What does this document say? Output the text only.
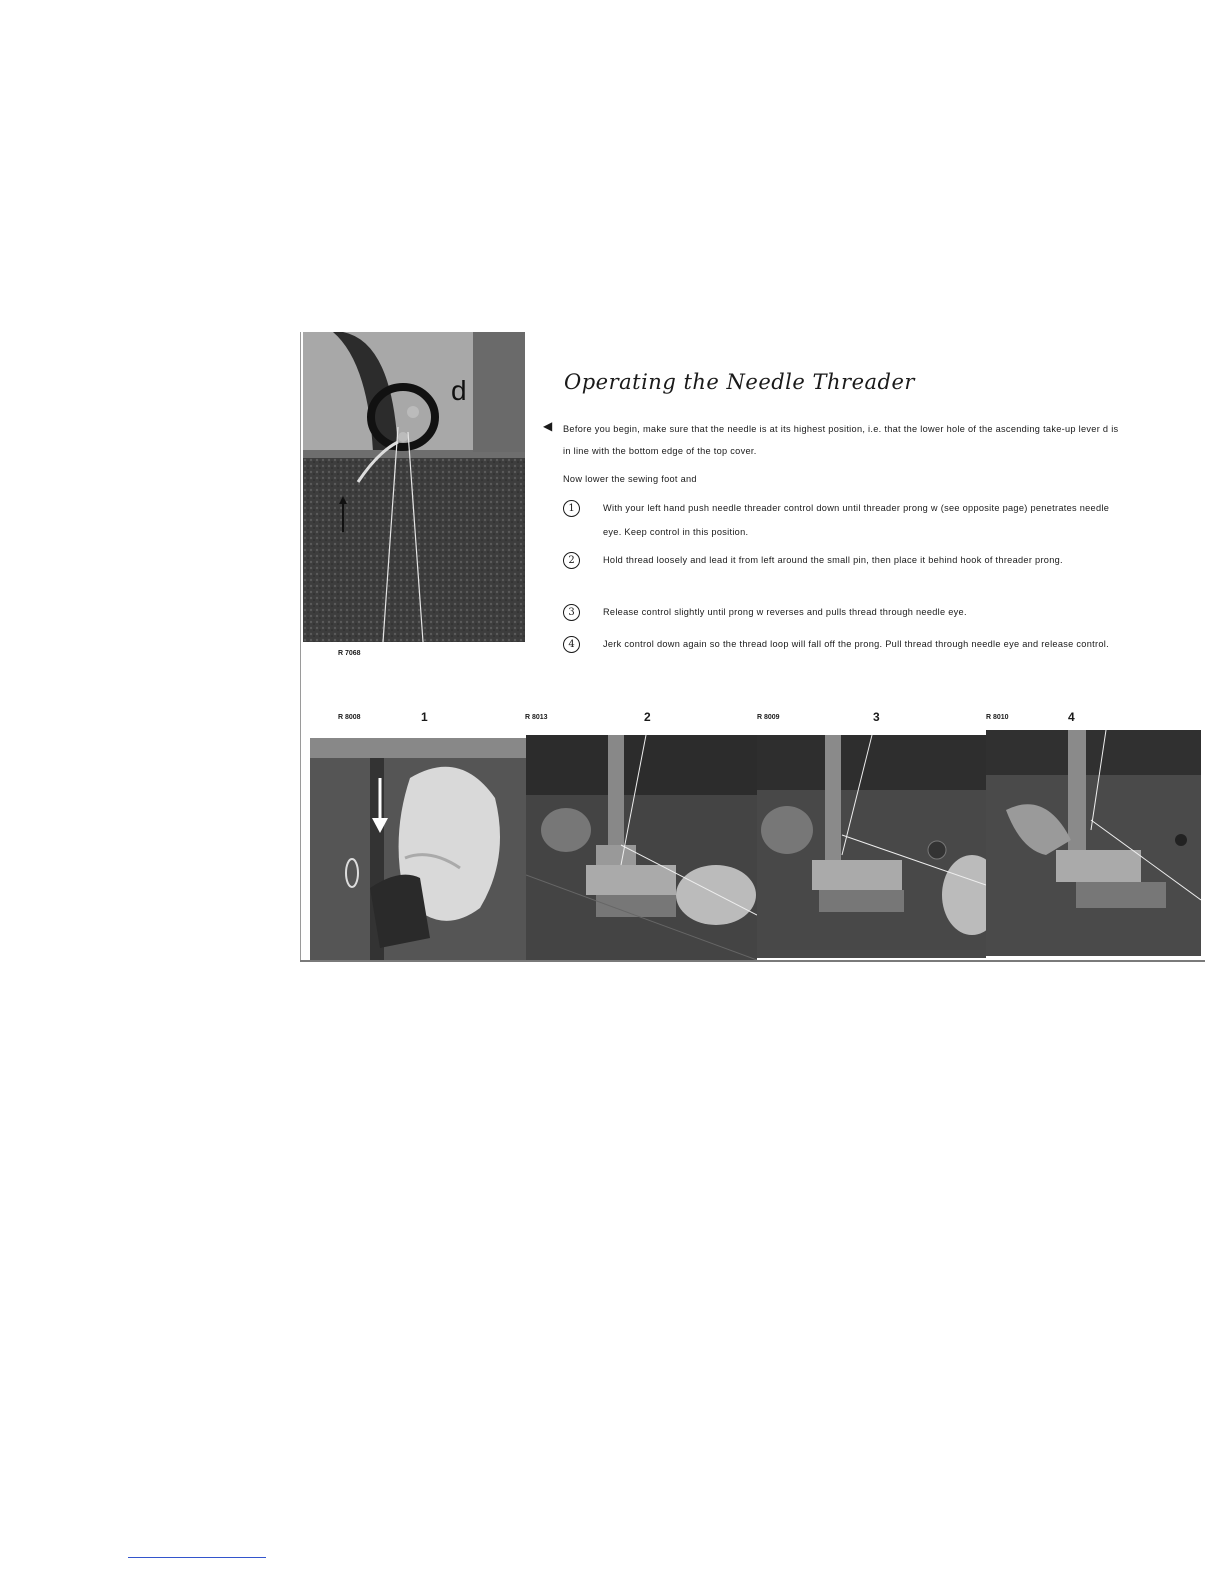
d
R 7068
Operating the Needle Threader
◀ Before you begin, make sure that the needle is at its highest position, i.e. that the lower hole of the ascending take-up lever d is in line with the bottom edge of the top cover.
Now lower the sewing foot and
1	With your left hand push needle threader control down until threader prong w (see opposite page) penetrates needle eye. Keep control in this position.
2	Hold thread loosely and lead it from left around the small pin, then place it behind hook of threader prong.
3	Release control slightly until prong w reverses and pulls thread through needle eye.
4	Jerk control down again so the thread loop will fall off the prong. Pull thread through needle eye and release control.
R 8008	1	R 8013	2	R 8009	3	R 8010	4
